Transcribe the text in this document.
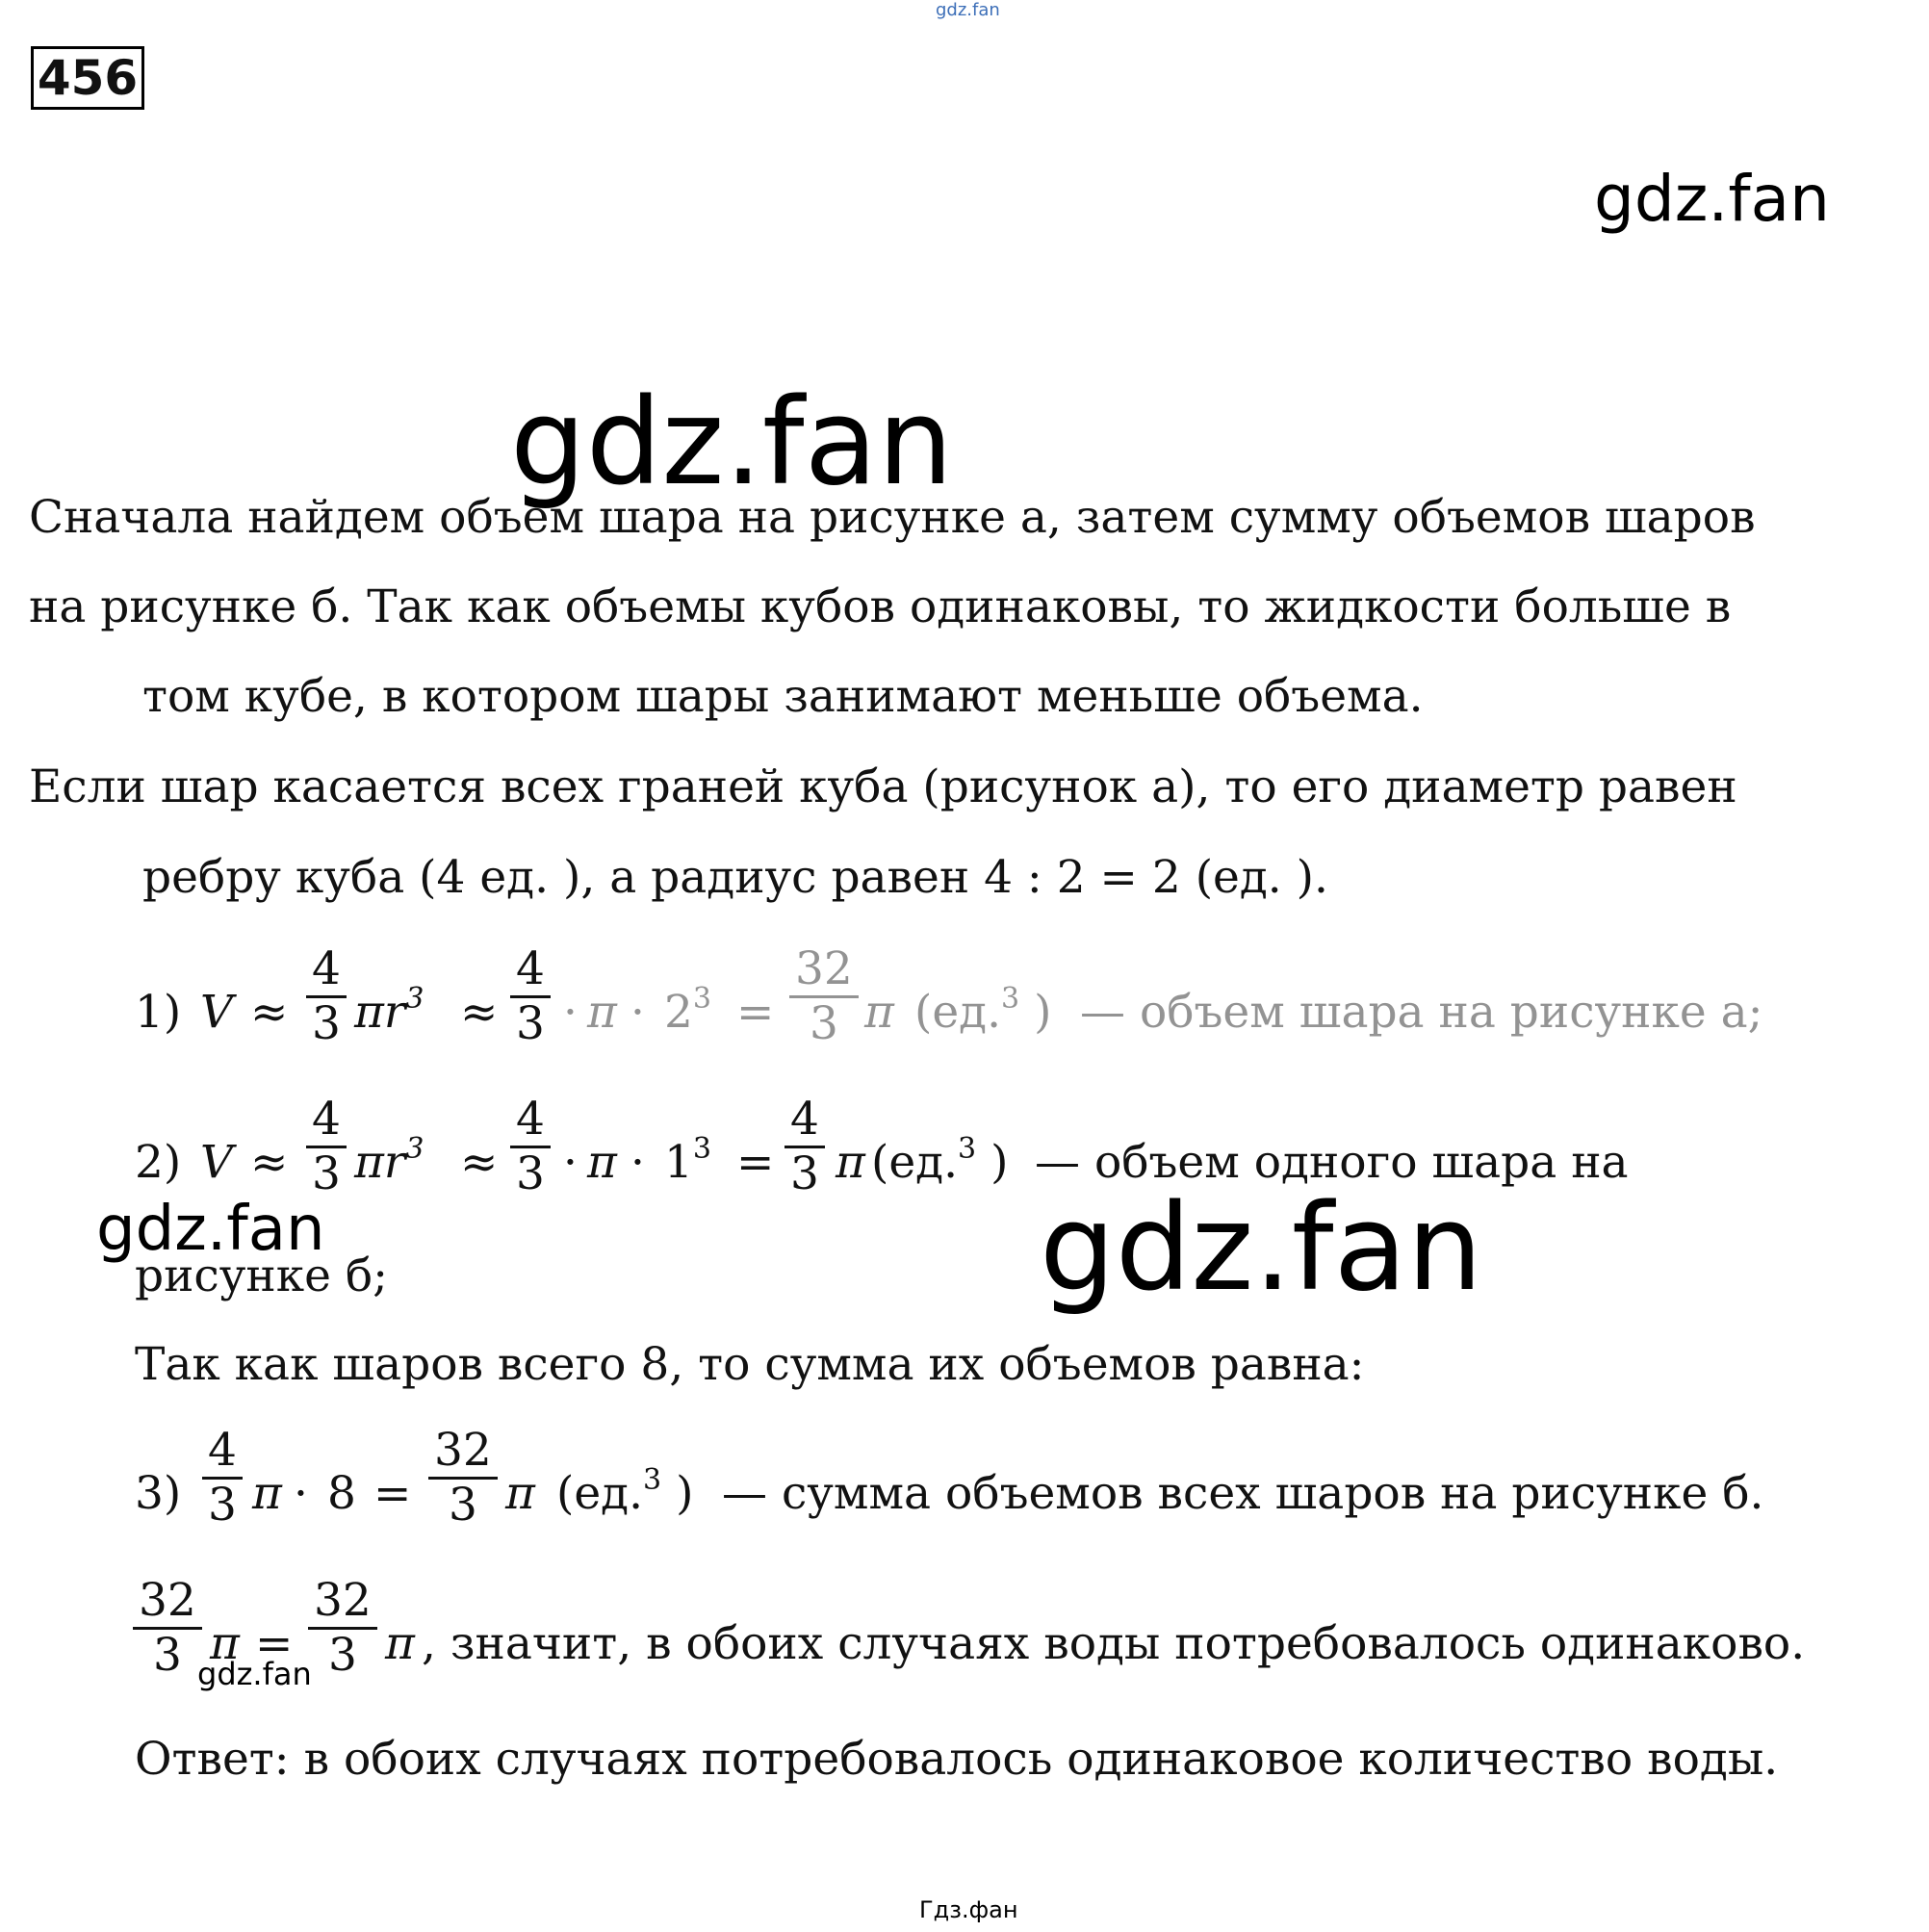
456
gdz.fan
gdz.fan
gdz.fan
Гдз.фан
Сначала найдем объем шара на рисунке а, затем сумму объемов шаров
на рисунке б. Так как объемы кубов одинаковы, то жидкости больше в
том кубе, в котором шары занимают меньше объема.
Если шар касается всех граней куба (рисунок а), то его диаметр равен
ребру куба (4 ед. ), а радиус равен 4 : 2 = 2 (ед. ).
1) V ≈
4
3 $\pi r^3$ ≈
4
$3 \cdot \pi \cdot 2^3$ =
32
3 π (ед.$^3$ ) — объем шара на рисунке а;
2) V ≈
4
3 $\pi r^3$ ≈
4
$3 \cdot \pi \cdot 1^3$ =
4
3 π (ед.$^3$ ) — объем одного шара на
рисунке б;
gdz.fan	gdz.fan
Так как шаров всего 8, то сумма их объемов равна:
3)
4
3 π · 8 =
32
3 π (ед.$^3$ ) — сумма объемов всех шаров на рисунке б.
32
3 π =
32
3 π , значит, в обоих случаях воды потребовалось одинаково.
gdz.fan
Ответ: в обоих случаях потребовалось одинаковое количество воды.
